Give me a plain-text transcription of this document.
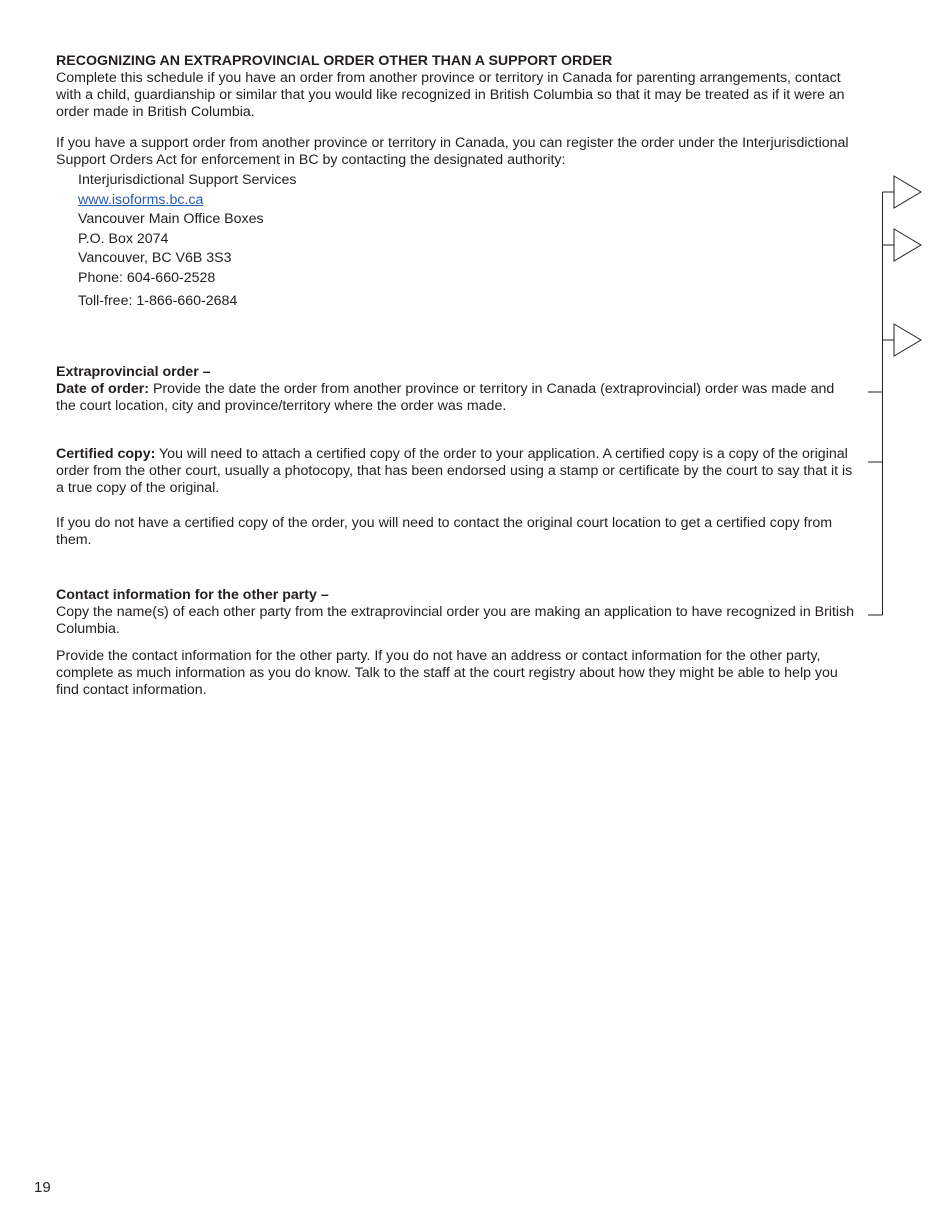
RECOGNIZING AN EXTRAPROVINCIAL ORDER OTHER THAN A SUPPORT ORDER

Complete this schedule if you have an order from another province or territory in Canada for parenting arrangements, contact with a child, guardianship or similar that you would like recognized in British Columbia so that it may be treated as if it were an order made in British Columbia.

If you have a support order from another province or territory in Canada, you can register the order under the Interjurisdictional Support Orders Act for enforcement in BC by contacting the designated authority:

Interjurisdictional Support Services
www.isoforms.bc.ca
Vancouver Main Office Boxes
P.O. Box 2074
Vancouver, BC V6B 3S3
Phone: 604-660-2528
Toll-free: 1-866-660-2684

Extraprovincial order –

Date of order: Provide the date the order from another province or territory in Canada (extraprovincial) order was made and the court location, city and province/territory where the order was made.

Certified copy: You will need to attach a certified copy of the order to your application. A certified copy is a copy of the original order from the other court, usually a photocopy, that has been endorsed using a stamp or certificate by the court to say that it is a true copy of the original.

If you do not have a certified copy of the order, you will need to contact the original court location to get a certified copy from them.

Contact information for the other party –

Copy the name(s) of each other party from the extraprovincial order you are making an application to have recognized in British Columbia.

Provide the contact information for the other party. If you do not have an address or contact information for the other party, complete as much information as you do know. Talk to the staff at the court registry about how they might be able to help you find contact information.

19
